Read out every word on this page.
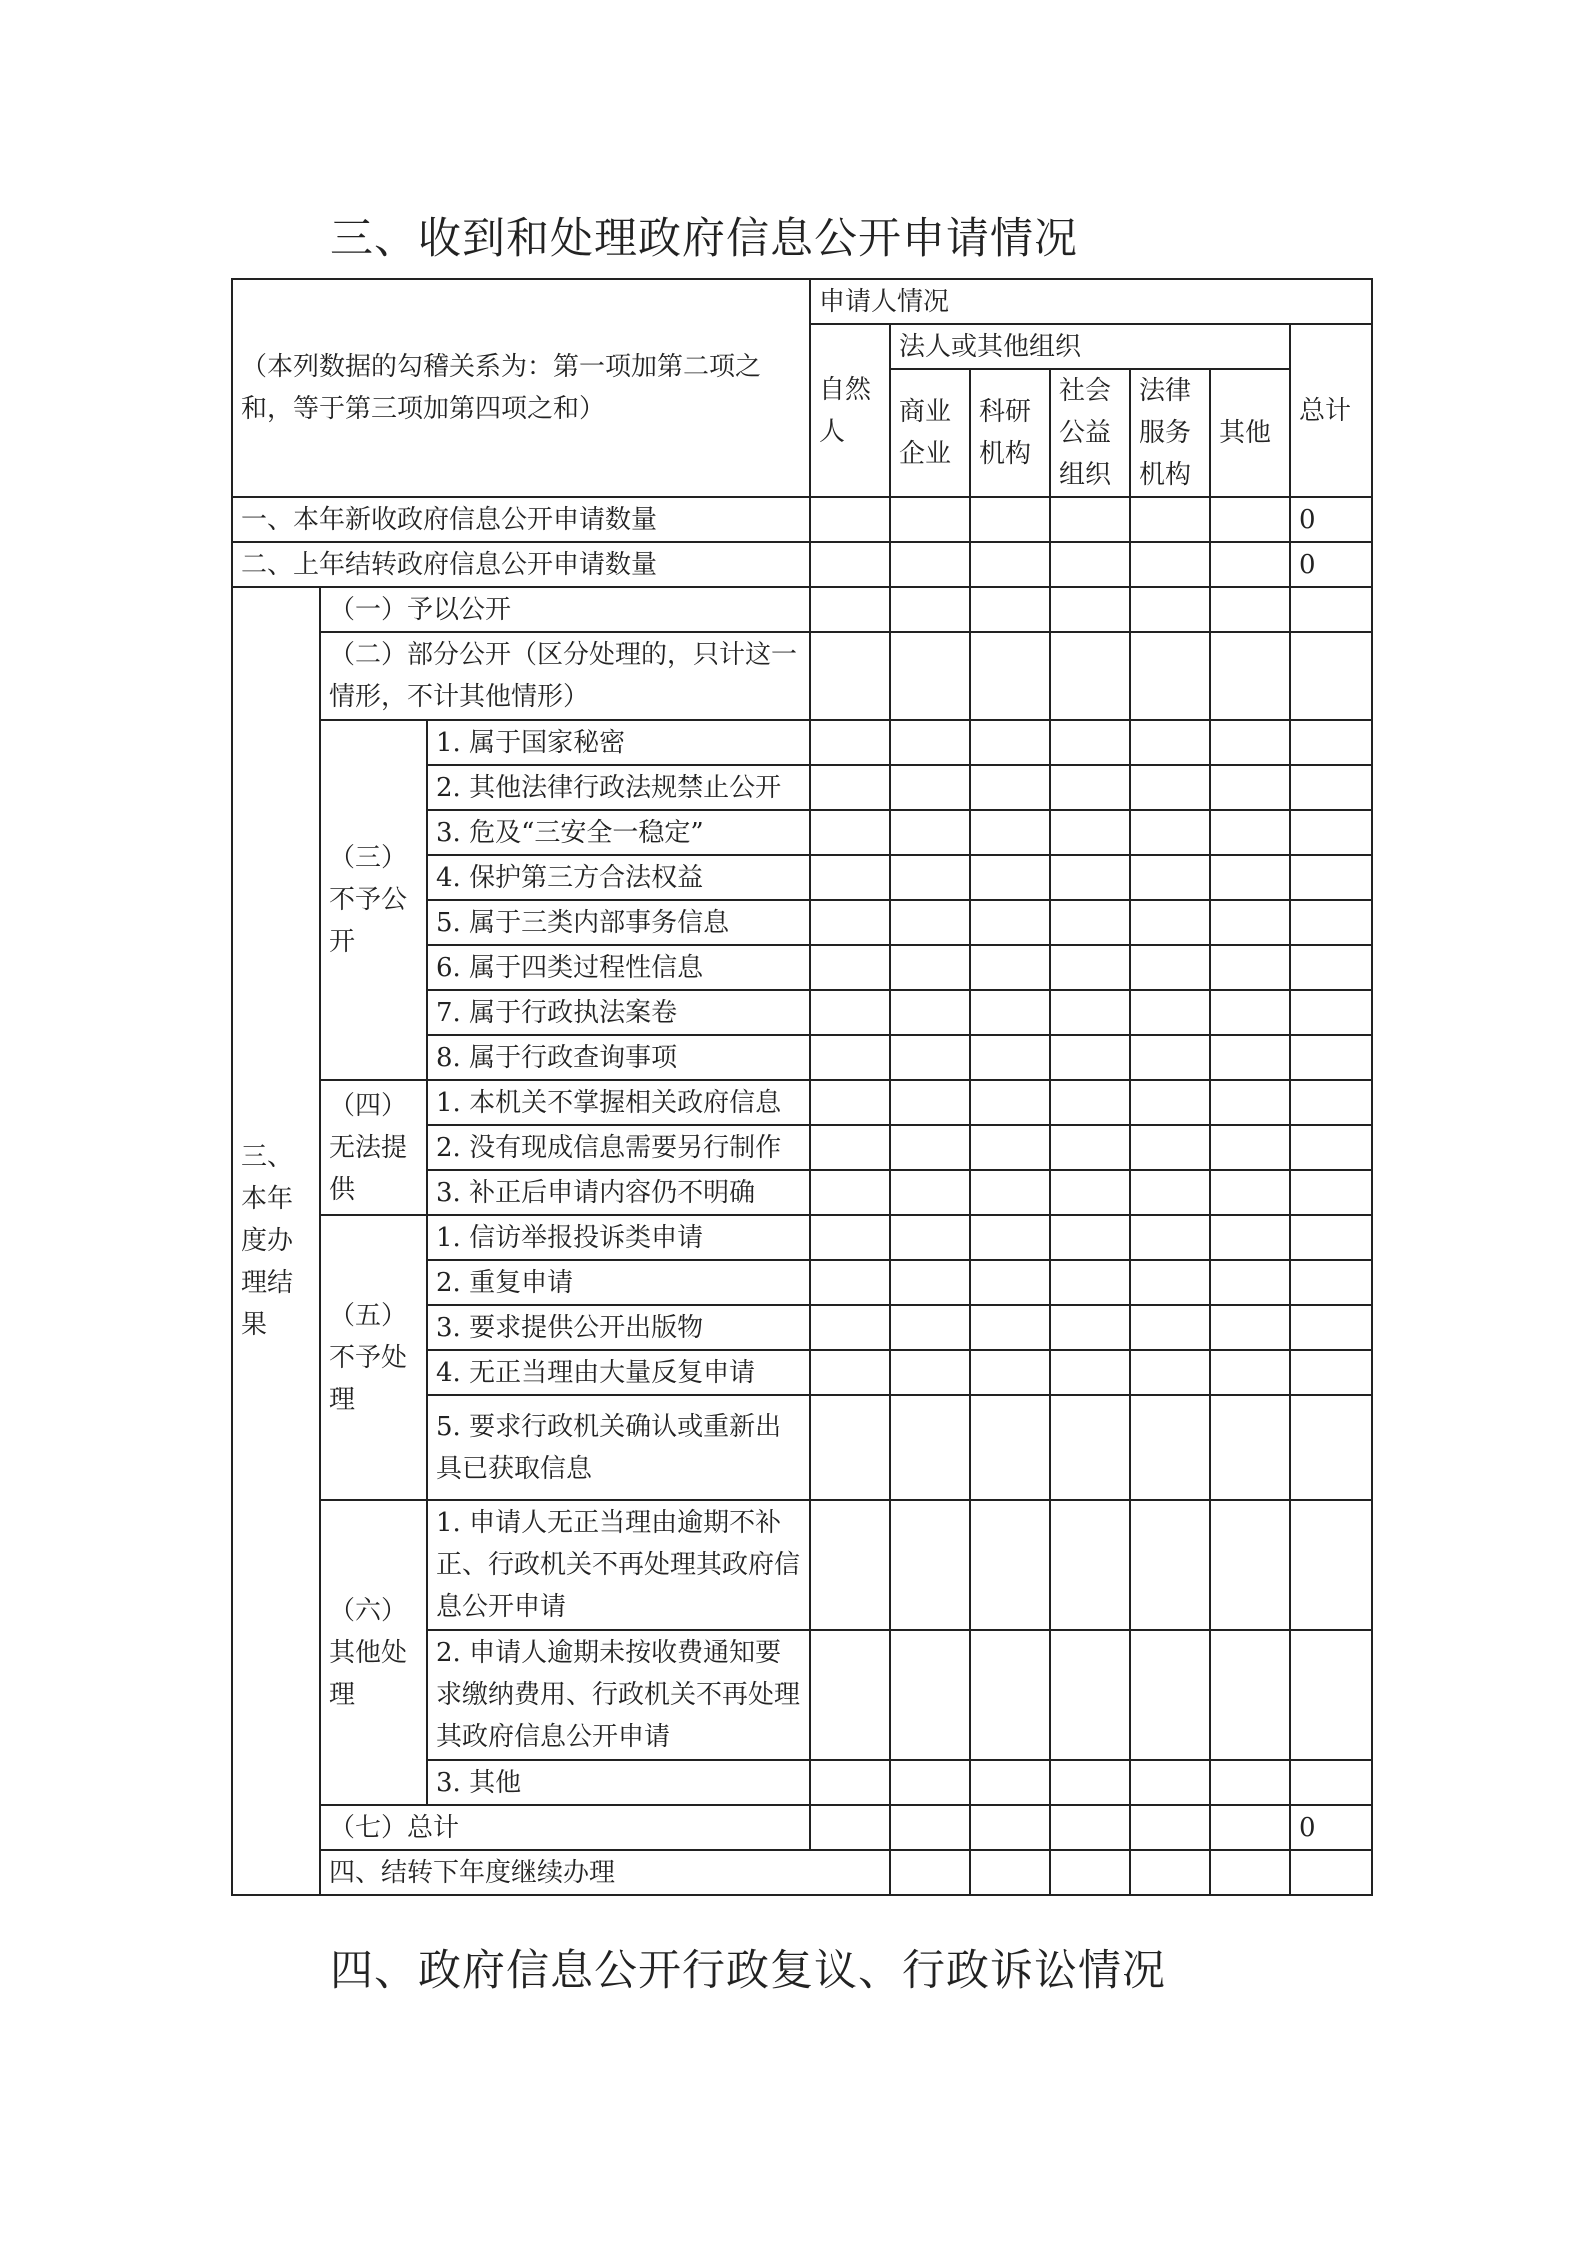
三、收到和处理政府信息公开申请情况
（本列数据的勾稽关系为：第一项加第二项之和，等于第三项加第四项之和）			申请人情况							
			自然人	法人或其他组织					总计	
				商业企业	科研机构	社会公益组织	法律服务机构	其他		
一、本年新收政府信息公开申请数量									0	
二、上年结转政府信息公开申请数量									0	
三、本年度办理结果	（一）予以公开									
	（二）部分公开（区分处理的，只计这一情形，不计其他情形）									
	（三）不予公开	1. 属于国家秘密								
		2. 其他法律行政法规禁止公开								
		3. 危及“三安全一稳定”								
		4. 保护第三方合法权益								
		5. 属于三类内部事务信息								
		6. 属于四类过程性信息								
		7. 属于行政执法案卷								
		8. 属于行政查询事项								
	（四）无法提供	1. 本机关不掌握相关政府信息								
		2. 没有现成信息需要另行制作								
		3. 补正后申请内容仍不明确								
	（五）不予处理	1. 信访举报投诉类申请								
		2. 重复申请								
		3. 要求提供公开出版物								
		4. 无正当理由大量反复申请								
		5. 要求行政机关确认或重新出具已获取信息								
	（六）其他处理	1. 申请人无正当理由逾期不补正、行政机关不再处理其政府信息公开申请								
		2. 申请人逾期未按收费通知要求缴纳费用、行政机关不再处理其政府信息公开申请								
		3. 其他								
	（七）总计								0	
	四、结转下年度继续办理							
四、政府信息公开行政复议、行政诉讼情况
